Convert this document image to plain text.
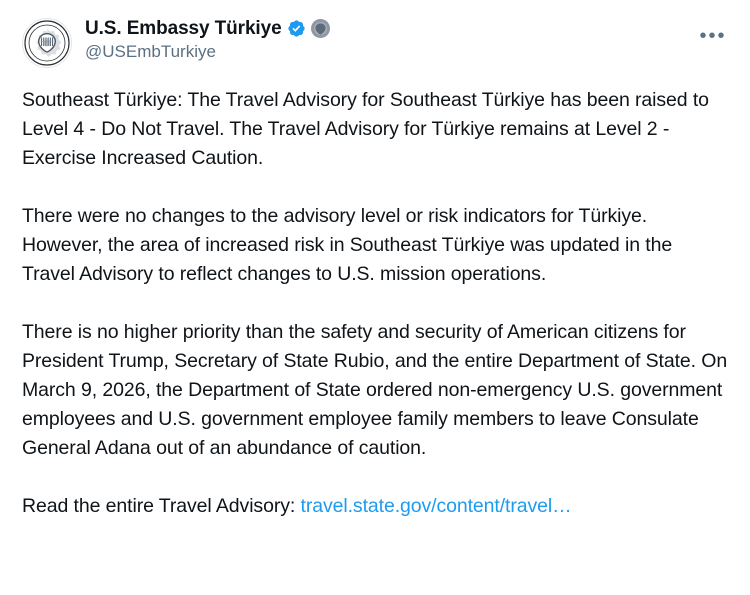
U.S. Embassy Türkiye
@USEmbTurkiye
•••

Southeast Türkiye: The Travel Advisory for Southeast Türkiye has been raised to Level 4 - Do Not Travel. The Travel Advisory for Türkiye remains at Level 2 - Exercise Increased Caution.

There were no changes to the advisory level or risk indicators for Türkiye. However, the area of increased risk in Southeast Türkiye was updated in the Travel Advisory to reflect changes to U.S. mission operations.

There is no higher priority than the safety and security of American citizens for President Trump, Secretary of State Rubio, and the entire Department of State. On March 9, 2026, the Department of State ordered non-emergency U.S. government employees and U.S. government employee family members to leave Consulate General Adana out of an abundance of caution.

Read the entire Travel Advisory: travel.state.gov/content/travel…
